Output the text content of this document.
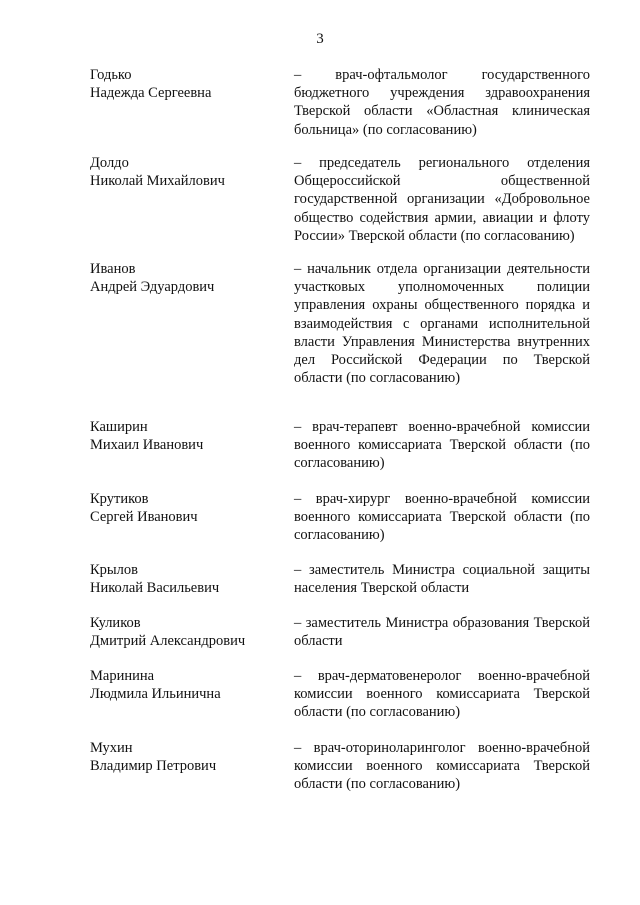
3
Годько
Надежда Сергеевна
– врач-офтальмолог государственного бюджетного учреждения здравоохранения Тверской области «Областная клиническая больница» (по согласованию)
Долдо
Николай Михайлович
– председатель регионального отделения Общероссийской общественной государственной организации «Добровольное общество содействия армии, авиации и флоту России» Тверской области (по согласованию)
Иванов
Андрей Эдуардович
– начальник отдела организации деятельности участковых уполномоченных полиции управления охраны общественного порядка и взаимодействия с органами исполнительной власти Управления Министерства внутренних дел Российской Федерации по Тверской области (по согласованию)
Каширин
Михаил Иванович
– врач-терапевт военно-врачебной комиссии военного комиссариата Тверской области (по согласованию)
Крутиков
Сергей Иванович
– врач-хирург военно-врачебной комиссии военного комиссариата Тверской области (по согласованию)
Крылов
Николай Васильевич
– заместитель Министра социальной защиты населения Тверской области
Куликов
Дмитрий Александрович
– заместитель Министра образования Тверской области
Маринина
Людмила Ильинична
– врач-дерматовенеролог военно-врачебной комиссии военного комиссариата Тверской области (по согласованию)
Мухин
Владимир Петрович
– врач-оториноларинголог военно-врачебной комиссии военного комиссариата Тверской области (по согласованию)
